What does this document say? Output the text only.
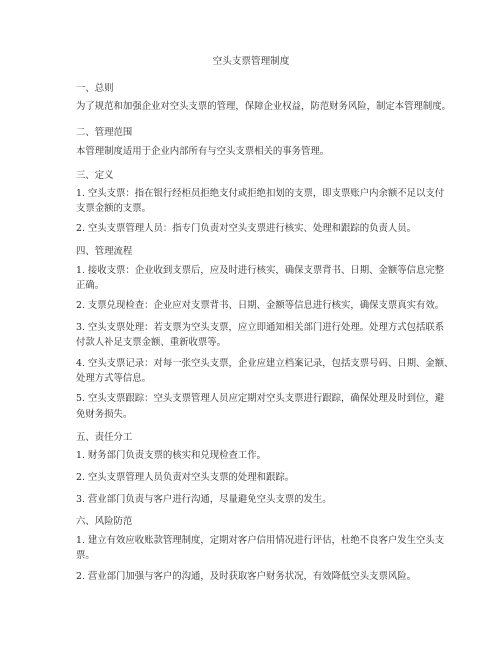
空头支票管理制度
一、总则
为了规范和加强企业对空头支票的管理，保障企业权益，防范财务风险，制定本管理制度。
二、管理范围
本管理制度适用于企业内部所有与空头支票相关的事务管理。
三、定义
1. 空头支票：指在银行经柜员拒绝支付或拒绝扣划的支票，即支票账户内余额不足以支付
支票金额的支票。
2. 空头支票管理人员：指专门负责对空头支票进行核实、处理和跟踪的负责人员。
四、管理流程
1. 接收支票：企业收到支票后，应及时进行核实，确保支票背书、日期、金额等信息完整
正确。
2. 支票兑现检查：企业应对支票背书、日期、金额等信息进行核实，确保支票真实有效。
3. 空头支票处理：若支票为空头支票，应立即通知相关部门进行处理。处理方式包括联系
付款人补足支票金额、重新收票等。
4. 空头支票记录：对每一张空头支票，企业应建立档案记录，包括支票号码、日期、金额、
处理方式等信息。
5. 空头支票跟踪：空头支票管理人员应定期对空头支票进行跟踪，确保处理及时到位，避
免财务损失。
五、责任分工
1. 财务部门负责支票的核实和兑现检查工作。
2. 空头支票管理人员负责对空头支票的处理和跟踪。
3. 营业部门负责与客户进行沟通，尽量避免空头支票的发生。
六、风险防范
1. 建立有效应收账款管理制度，定期对客户信用情况进行评估，杜绝不良客户发生空头支
票。
2. 营业部门加强与客户的沟通，及时获取客户财务状况，有效降低空头支票风险。
